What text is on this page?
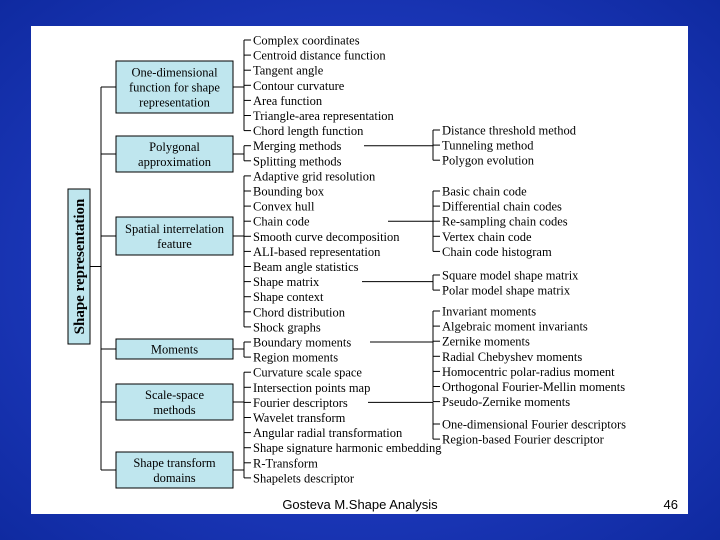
Shape representation
One-dimensional
function for shape
representation
Complex coordinates
Centroid distance function
Tangent angle
Contour curvature
Area function
Triangle-area representation
Chord length function
Polygonal
approximation
Merging methods
Splitting methods
Spatial interrelation
feature
Adaptive grid resolution
Bounding box
Convex hull
Chain code
Smooth curve decomposition
ALI-based representation
Beam angle statistics
Shape matrix
Shape context
Chord distribution
Shock graphs
Moments	Boundary moments
Region moments
Scale-space
methods
Curvature scale space
Intersection points map
Shape transform
domains
Fourier descriptors
Wavelet transform
Angular radial transformation
Shape signature harmonic embedding
R-Transform
Shapelets descriptor
Distance threshold method
Tunneling method
Polygon evolution
Basic chain code
Differential chain codes
Re-sampling chain codes
Vertex chain code
Chain code histogram
Square model shape matrix
Polar model shape matrix
Invariant moments
Algebraic moment invariants
Zernike moments
Radial Chebyshev moments
Homocentric polar-radius moment
Orthogonal Fourier-Mellin moments
Pseudo-Zernike moments
One-dimensional Fourier descriptors
Region-based Fourier descriptor
Gosteva M.Shape Analysis	46
